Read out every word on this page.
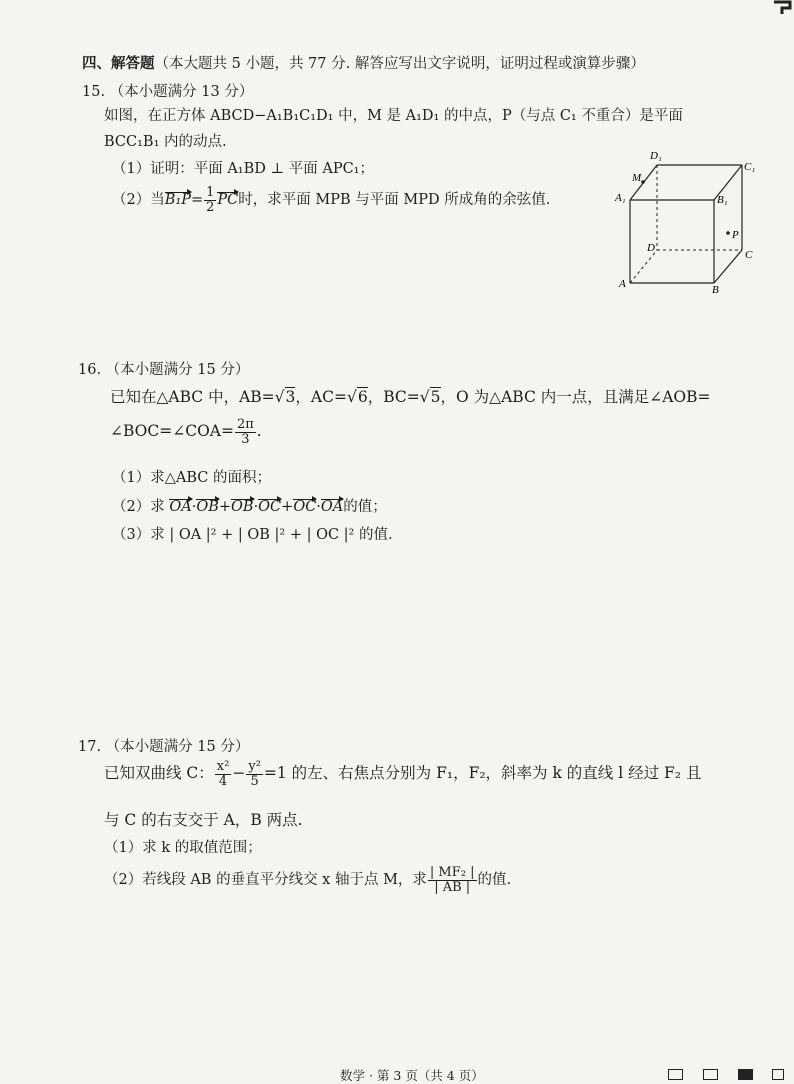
四、解答题（本大题共 5 小题，共 77 分. 解答应写出文字说明，证明过程或演算步骤）
15. （本小题满分 13 分）
如图，在正方体 ABCD−A₁B₁C₁D₁ 中，M 是 A₁D₁ 的中点，P（与点 C₁ 不重合）是平面
BCC₁B₁ 内的动点.
（1）证明：平面 A₁BD ⊥ 平面 APC₁；
（2）当$B_1P= \frac{1}{2}$ PC时，求平面 MPB 与平面 MPD 所成角的余弦值.
D₁
C₁
M
A₁	B₁
P
D
C
A	B
16. （本小题满分 15 分）
已知在△ABC 中，AB=√3，AC=√6，BC=√5，O 为△ABC 内一点，且满足∠AOB=
∠BOC=∠COA= $\frac{2\pi}{3}$ .
（1）求△ABC 的面积；
（2）求 OA·OB+OB·OC+OC·OA的值；
（3）求 | OA |² + | OB |² + | OC |² 的值.
17. （本小题满分 15 分）
已知双曲线 C： $\frac{\text{x²}}{4} - \frac{\text{y²}}{5} =1$ 的左、右焦点分别为 F₁，F₂，斜率为 k 的直线 l 经过 F₂ 且
与 C 的右支交于 A，B 两点.
（1）求 k 的取值范围；
（2）若线段 AB 的垂直平分线交 x 轴于点 M，求 $\frac{\text{| MF₂ |}}{| AB |}$ 的值.
数学 · 第 3 页（共 4 页）
